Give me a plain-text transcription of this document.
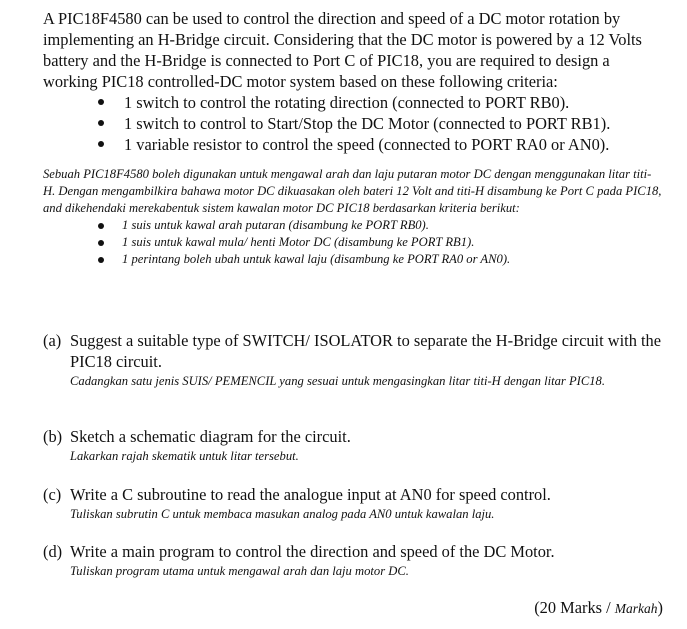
A PIC18F4580 can be used to control the direction and speed of a DC motor rotation by implementing an H-Bridge circuit. Considering that the DC motor is powered by a 12 Volts battery and the H-Bridge is connected to Port C of PIC18, you are required to design a working PIC18 controlled-DC motor system based on these following criteria:

1 switch to control the rotating direction (connected to PORT RB0).
1 switch to control to Start/Stop the DC Motor (connected to PORT RB1).
1 variable resistor to control the speed (connected to PORT RA0 or AN0).

Sebuah PIC18F4580 boleh digunakan untuk mengawal arah dan laju putaran motor DC dengan menggunakan litar titi-H. Dengan mengambilkira bahawa motor DC dikuasakan oleh bateri 12 Volt and titi-H disambung ke Port C pada PIC18, and dikehendaki merekabentuk sistem kawalan motor DC PIC18 berdasarkan kriteria berikut:

1 suis untuk kawal arah putaran (disambung ke PORT RB0).
1 suis untuk kawal mula/ henti Motor DC (disambung ke PORT RB1).
1 perintang boleh ubah untuk kawal laju (disambung ke PORT RA0 or AN0).
(a) Suggest a suitable type of SWITCH/ ISOLATOR to separate the H-Bridge circuit with the PIC18 circuit.
Cadangkan satu jenis SUIS/ PEMENCIL yang sesuai untuk mengasingkan litar titi-H dengan litar PIC18.
(b) Sketch a schematic diagram for the circuit.
Lakarkan rajah skematik untuk litar tersebut.
(c) Write a C subroutine to read the analogue input at AN0 for speed control.
Tuliskan subrutin C untuk membaca masukan analog pada AN0 untuk kawalan laju.
(d) Write a main program to control the direction and speed of the DC Motor.
Tuliskan program utama untuk mengawal arah dan laju motor DC.
(20 Marks / Markah)
